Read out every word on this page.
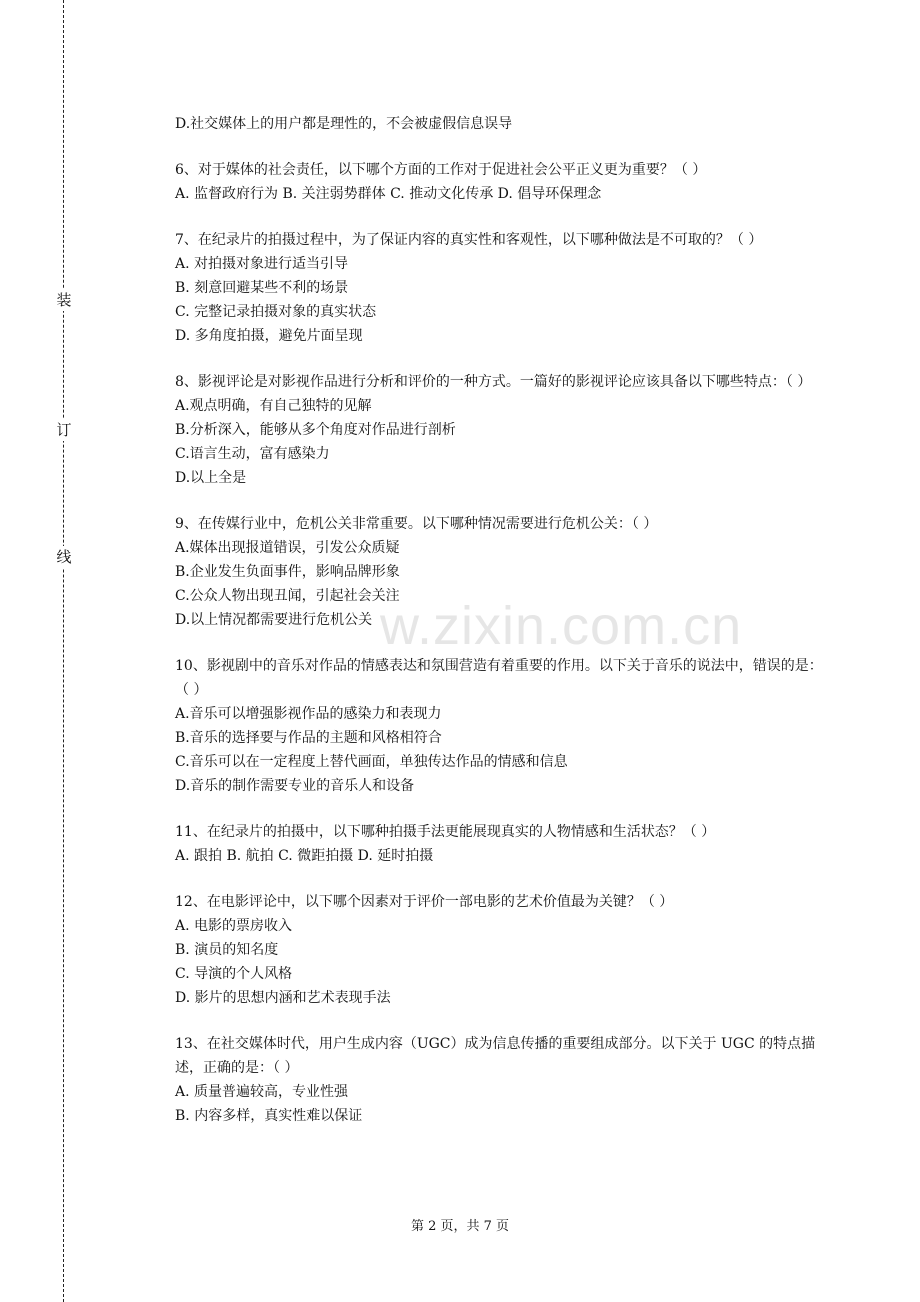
装
订
线
w.zixin.com.cn
D.社交媒体上的用户都是理性的，不会被虚假信息误导
6、对于媒体的社会责任，以下哪个方面的工作对于促进社会公平正义更为重要？（ ）
A. 监督政府行为 B. 关注弱势群体 C. 推动文化传承 D. 倡导环保理念
7、在纪录片的拍摄过程中，为了保证内容的真实性和客观性，以下哪种做法是不可取的？（ ）
A. 对拍摄对象进行适当引导
B. 刻意回避某些不利的场景
C. 完整记录拍摄对象的真实状态
D. 多角度拍摄，避免片面呈现
8、影视评论是对影视作品进行分析和评价的一种方式。一篇好的影视评论应该具备以下哪些特点：（ ）
A.观点明确，有自己独特的见解
B.分析深入，能够从多个角度对作品进行剖析
C.语言生动，富有感染力
D.以上全是
9、在传媒行业中，危机公关非常重要。以下哪种情况需要进行危机公关：（ ）
A.媒体出现报道错误，引发公众质疑
B.企业发生负面事件，影响品牌形象
C.公众人物出现丑闻，引起社会关注
D.以上情况都需要进行危机公关
10、影视剧中的音乐对作品的情感表达和氛围营造有着重要的作用。以下关于音乐的说法中，错误的是：（ ）
A.音乐可以增强影视作品的感染力和表现力
B.音乐的选择要与作品的主题和风格相符合
C.音乐可以在一定程度上替代画面，单独传达作品的情感和信息
D.音乐的制作需要专业的音乐人和设备
11、在纪录片的拍摄中，以下哪种拍摄手法更能展现真实的人物情感和生活状态？（ ）
A. 跟拍 B. 航拍 C. 微距拍摄 D. 延时拍摄
12、在电影评论中，以下哪个因素对于评价一部电影的艺术价值最为关键？（ ）
A. 电影的票房收入
B. 演员的知名度
C. 导演的个人风格
D. 影片的思想内涵和艺术表现手法
13、在社交媒体时代，用户生成内容（UGC）成为信息传播的重要组成部分。以下关于 UGC 的特点描述，正确的是：（ ）
A. 质量普遍较高，专业性强
B. 内容多样，真实性难以保证
第 2 页，共 7 页
